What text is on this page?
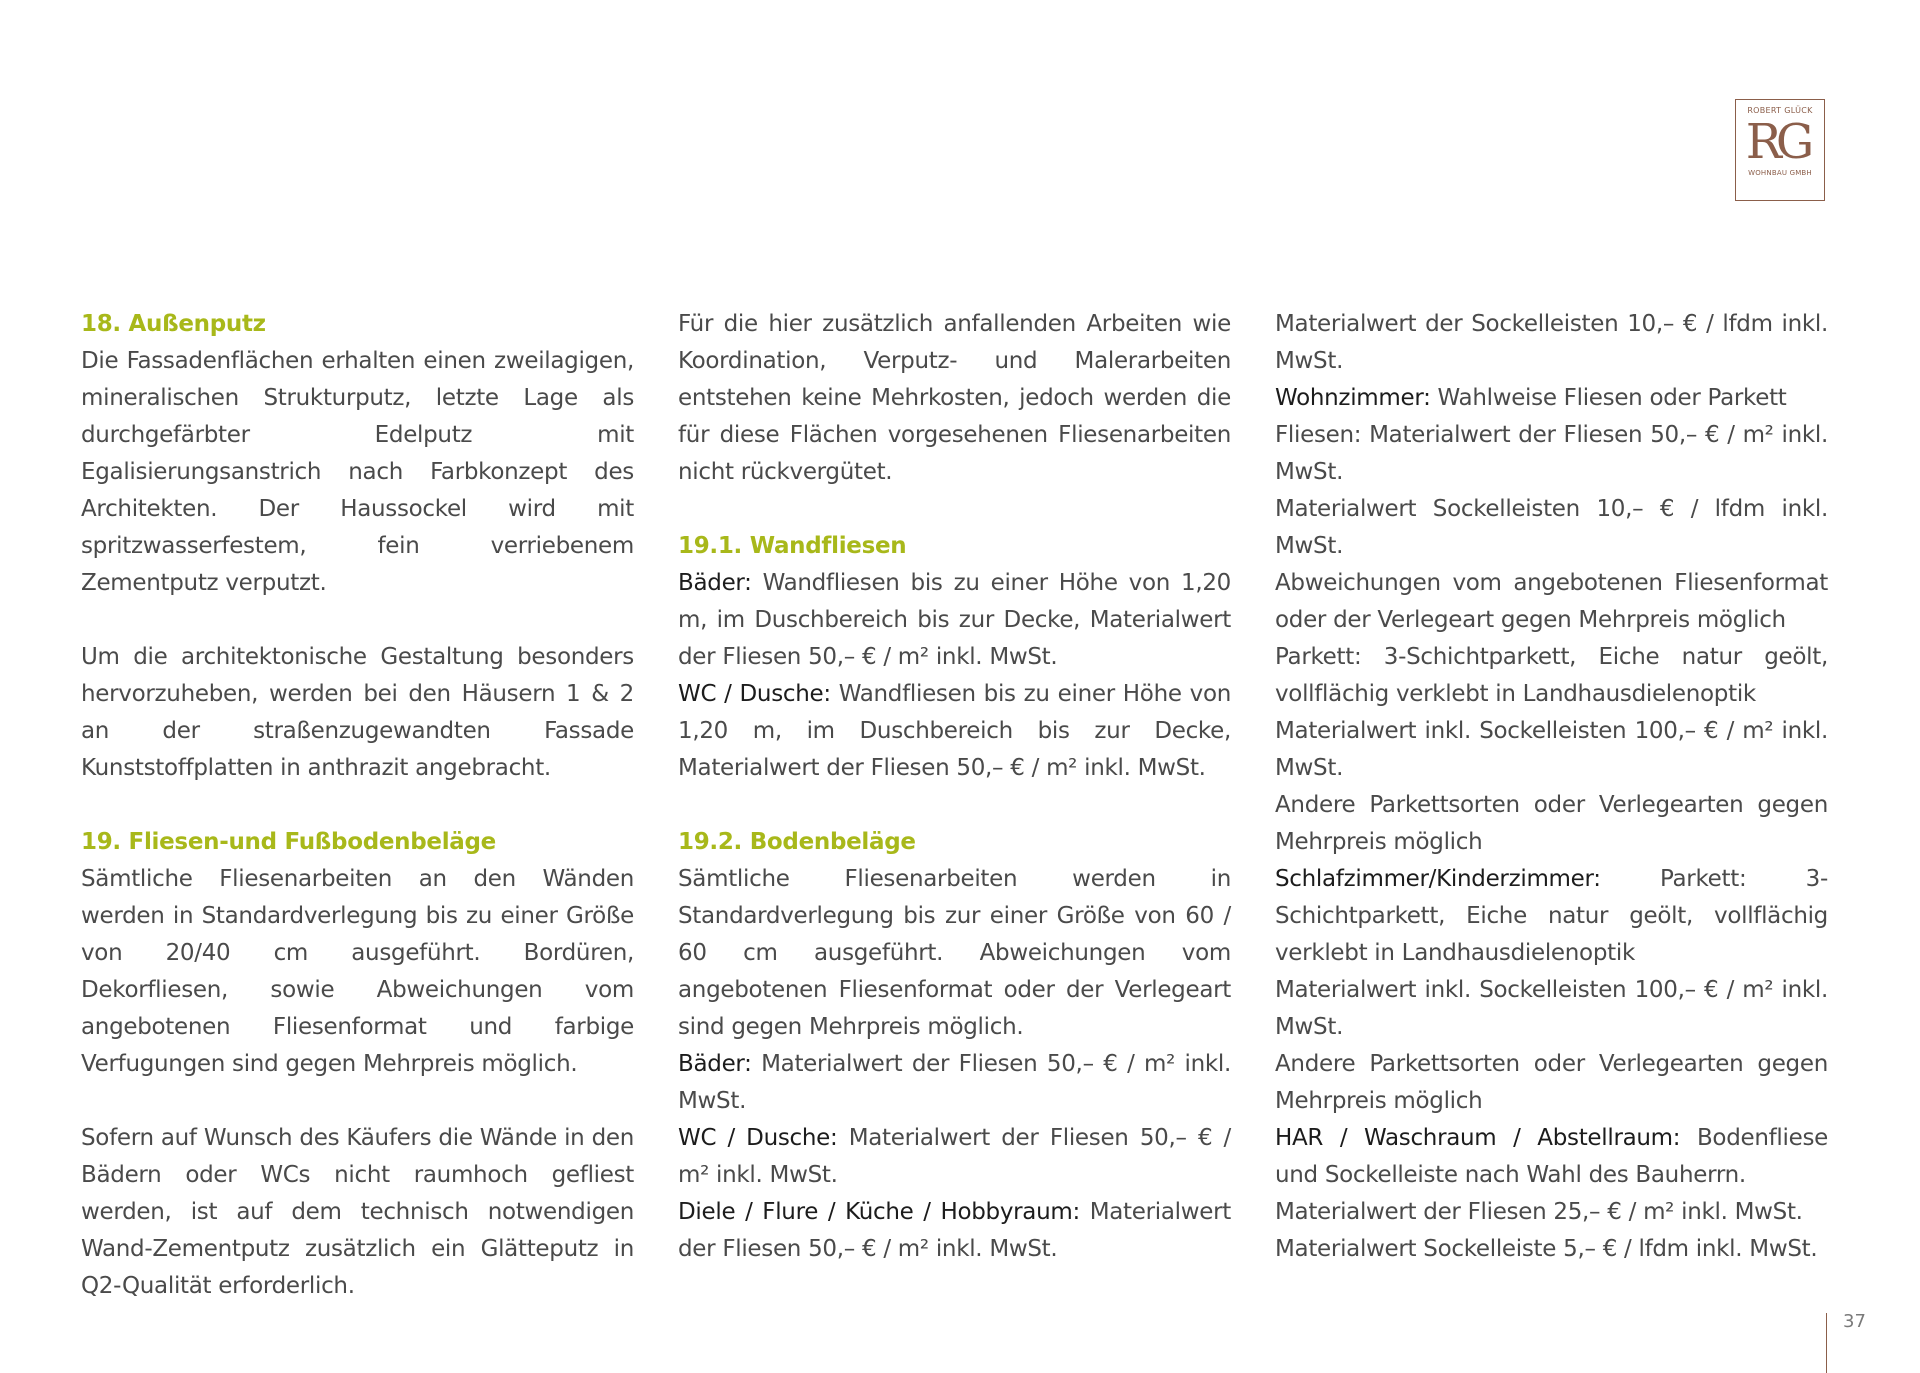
ROBERT GLÜCK
RG
WOHNBAU GMBH
18. Außenputz

Die Fassadenflächen erhalten einen zweilagigen, mineralischen Strukturputz, letzte Lage als durchgefärbter Edelputz mit Egalisierungsanstrich nach Farbkonzept des Architekten. Der Haussockel wird mit spritzwasserfestem, fein verriebenem Zementputz verputzt.

Um die architektonische Gestaltung besonders hervorzuheben, werden bei den Häusern 1 & 2 an der straßenzugewandten Fassade Kunststoffplatten in anthrazit angebracht.

19. Fliesen-und Fußbodenbeläge

Sämtliche Fliesenarbeiten an den Wänden werden in Standardverlegung bis zu einer Größe von 20/40 cm ausgeführt. Bordüren, Dekorfliesen, sowie Abweichungen vom angebotenen Fliesenformat und farbige Verfugungen sind gegen Mehrpreis möglich.

Sofern auf Wunsch des Käufers die Wände in den Bädern oder WCs nicht raumhoch gefliest werden, ist auf dem technisch notwendigen Wand-Zementputz zusätzlich ein Glätteputz in Q2-Qualität erforderlich.

Für die hier zusätzlich anfallenden Arbeiten wie Koordination, Verputz- und Malerarbeiten entstehen keine Mehrkosten, jedoch werden die für diese Flächen vorgesehenen Fliesenarbeiten nicht rückvergütet.

19.1. Wandfliesen

Bäder: Wandfliesen bis zu einer Höhe von 1,20 m, im Duschbereich bis zur Decke, Materialwert der Fliesen 50,– € / m² inkl. MwSt.

WC / Dusche: Wandfliesen bis zu einer Höhe von 1,20 m, im Duschbereich bis zur Decke, Materialwert der Fliesen 50,– € / m² inkl. MwSt.

19.2. Bodenbeläge

Sämtliche Fliesenarbeiten werden in Standardverlegung bis zur einer Größe von 60 / 60 cm ausgeführt. Abweichungen vom angebotenen Fliesenformat oder der Verlegeart sind gegen Mehrpreis möglich.

Bäder: Materialwert der Fliesen 50,– € / m² inkl. MwSt.

WC / Dusche: Materialwert der Fliesen 50,– € / m² inkl. MwSt.

Diele / Flure / Küche / Hobbyraum: Materialwert der Fliesen 50,– € / m² inkl. MwSt.

Materialwert der Sockelleisten 10,– € / lfdm inkl. MwSt.

Wohnzimmer: Wahlweise Fliesen oder Parkett

Fliesen: Materialwert der Fliesen 50,– € / m² inkl. MwSt.

Materialwert Sockelleisten 10,– € / lfdm inkl. MwSt.

Abweichungen vom angebotenen Fliesenformat oder der Verlegeart gegen Mehrpreis möglich

Parkett: 3-Schichtparkett, Eiche natur geölt, vollflächig verklebt in Landhausdielenoptik

Materialwert inkl. Sockelleisten 100,– € / m² inkl. MwSt.

Andere Parkettsorten oder Verlegearten gegen Mehrpreis möglich

Schlafzimmer/Kinderzimmer: Parkett: 3-Schichtparkett, Eiche natur geölt, vollflächig verklebt in Landhausdielenoptik

Materialwert inkl. Sockelleisten 100,– € / m² inkl. MwSt.

Andere Parkettsorten oder Verlegearten gegen Mehrpreis möglich

HAR / Waschraum / Abstellraum: Bodenfliese und Sockelleiste nach Wahl des Bauherrn.

Materialwert der Fliesen 25,– € / m² inkl. MwSt.

Materialwert Sockelleiste 5,– € / lfdm inkl. MwSt.

37
